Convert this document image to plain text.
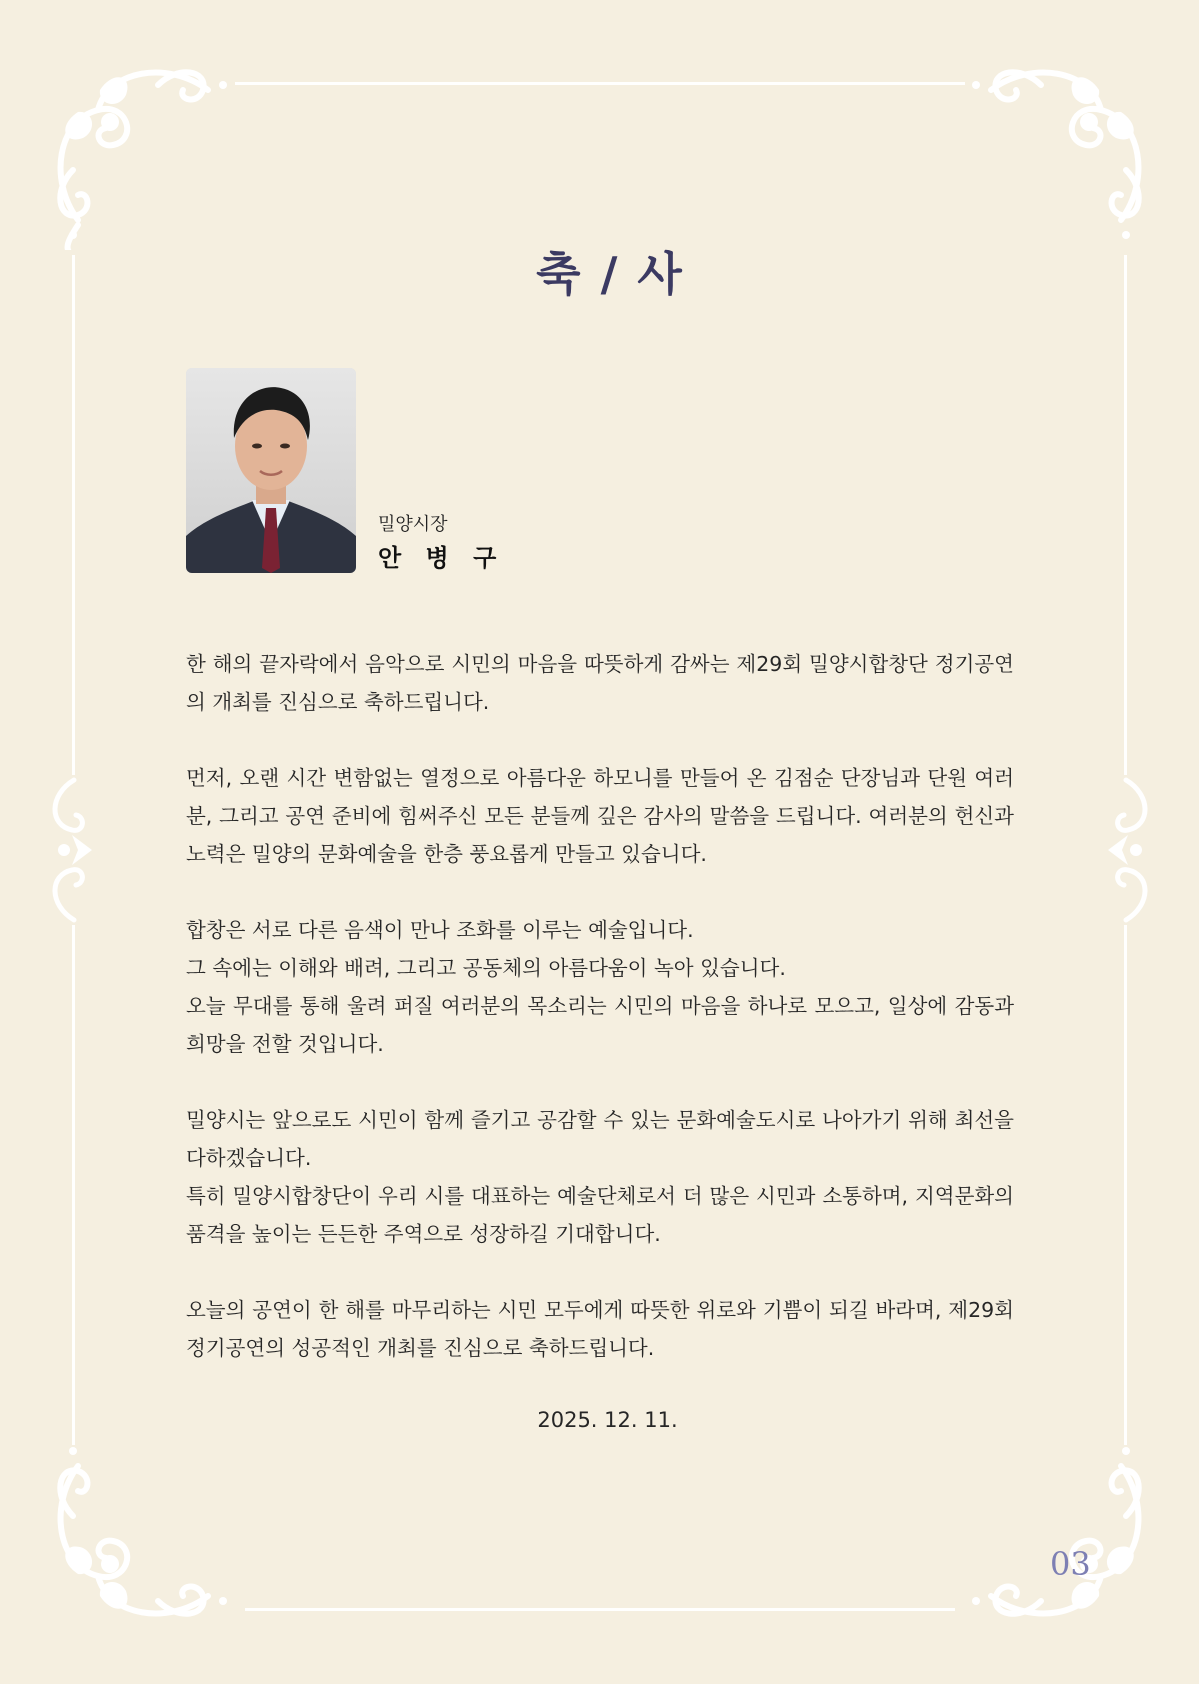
축 / 사
밀양시장
안 병 구

한 해의 끝자락에서 음악으로 시민의 마음을 따뜻하게 감싸는 제29회 밀양시합창단 정기공연의 개최를 진심으로 축하드립니다.

먼저, 오랜 시간 변함없는 열정으로 아름다운 하모니를 만들어 온 김점순 단장님과 단원 여러분, 그리고 공연 준비에 힘써주신 모든 분들께 깊은 감사의 말씀을 드립니다. 여러분의 헌신과 노력은 밀양의 문화예술을 한층 풍요롭게 만들고 있습니다.

합창은 서로 다른 음색이 만나 조화를 이루는 예술입니다.
그 속에는 이해와 배려, 그리고 공동체의 아름다움이 녹아 있습니다.
오늘 무대를 통해 울려 퍼질 여러분의 목소리는 시민의 마음을 하나로 모으고, 일상에 감동과 희망을 전할 것입니다.

밀양시는 앞으로도 시민이 함께 즐기고 공감할 수 있는 문화예술도시로 나아가기 위해 최선을 다하겠습니다.
특히 밀양시합창단이 우리 시를 대표하는 예술단체로서 더 많은 시민과 소통하며, 지역문화의 품격을 높이는 든든한 주역으로 성장하길 기대합니다.

오늘의 공연이 한 해를 마무리하는 시민 모두에게 따뜻한 위로와 기쁨이 되길 바라며, 제29회 정기공연의 성공적인 개최를 진심으로 축하드립니다.

2025. 12. 11.
03
